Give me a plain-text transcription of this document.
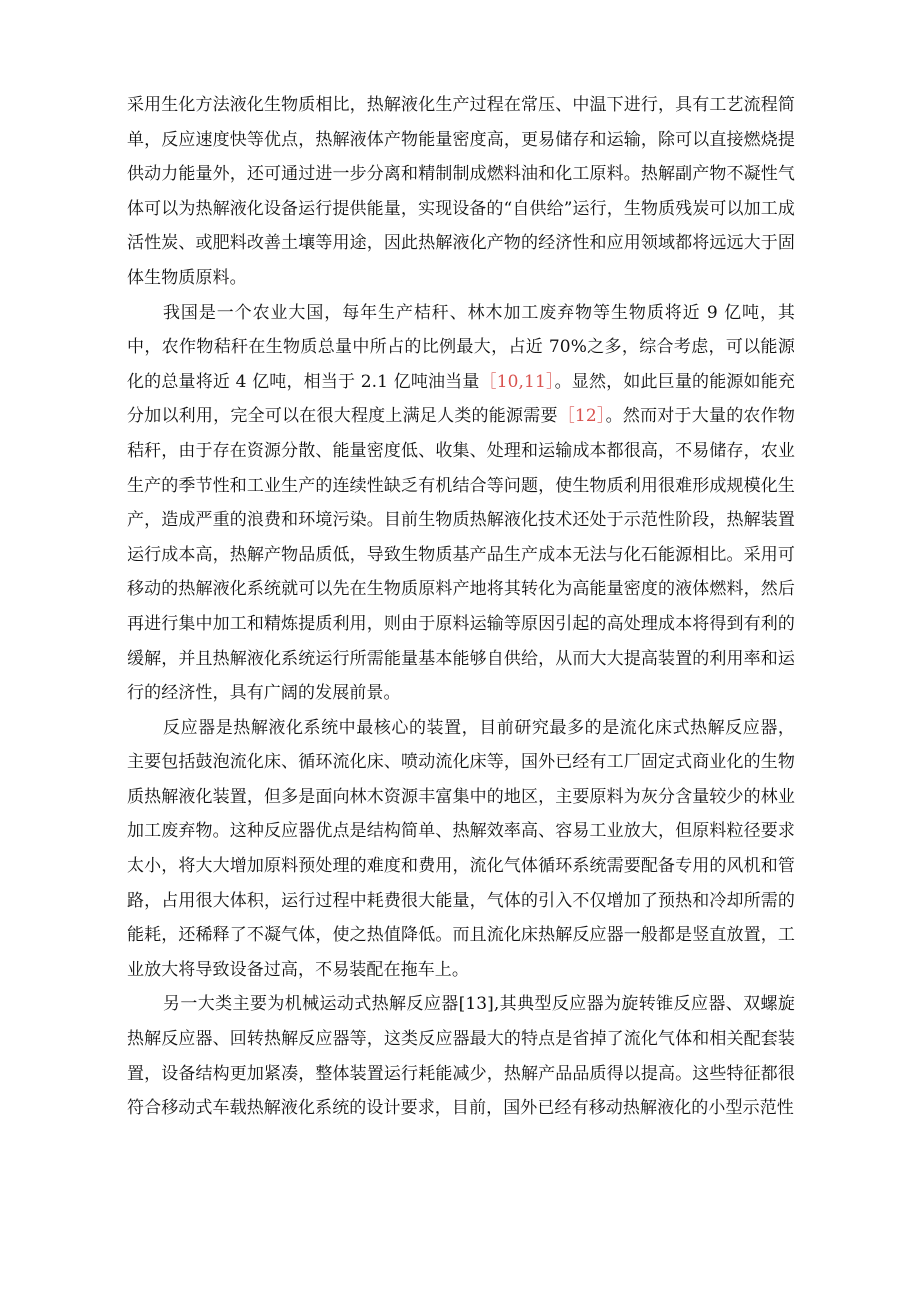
采用生化方法液化生物质相比，热解液化生产过程在常压、中温下进行，具有工艺流程简单，反应速度快等优点，热解液体产物能量密度高，更易储存和运输，除可以直接燃烧提供动力能量外，还可通过进一步分离和精制制成燃料油和化工原料。热解副产物不凝性气体可以为热解液化设备运行提供能量，实现设备的“自供给”运行，生物质残炭可以加工成活性炭、或肥料改善土壤等用途，因此热解液化产物的经济性和应用领域都将远远大于固体生物质原料。

我国是一个农业大国，每年生产桔秆、林木加工废弃物等生物质将近 9 亿吨，其中，农作物秸秆在生物质总量中所占的比例最大，占近 70%之多，综合考虑，可以能源化的总量将近 4 亿吨，相当于 2.1 亿吨油当量［10,11］。显然，如此巨量的能源如能充分加以利用，完全可以在很大程度上满足人类的能源需要［12］。然而对于大量的农作物秸秆，由于存在资源分散、能量密度低、收集、处理和运输成本都很高，不易储存，农业生产的季节性和工业生产的连续性缺乏有机结合等问题，使生物质利用很难形成规模化生产，造成严重的浪费和环境污染。目前生物质热解液化技术还处于示范性阶段，热解装置运行成本高，热解产物品质低，导致生物质基产品生产成本无法与化石能源相比。采用可移动的热解液化系统就可以先在生物质原料产地将其转化为高能量密度的液体燃料，然后再进行集中加工和精炼提质利用，则由于原料运输等原因引起的高处理成本将得到有利的缓解，并且热解液化系统运行所需能量基本能够自供给，从而大大提高装置的利用率和运行的经济性，具有广阔的发展前景。

反应器是热解液化系统中最核心的装置，目前研究最多的是流化床式热解反应器，主要包括鼓泡流化床、循环流化床、喷动流化床等，国外已经有工厂固定式商业化的生物质热解液化装置，但多是面向林木资源丰富集中的地区，主要原料为灰分含量较少的林业加工废弃物。这种反应器优点是结构简单、热解效率高、容易工业放大，但原料粒径要求太小，将大大增加原料预处理的难度和费用，流化气体循环系统需要配备专用的风机和管路，占用很大体积，运行过程中耗费很大能量，气体的引入不仅增加了预热和冷却所需的能耗，还稀释了不凝气体，使之热值降低。而且流化床热解反应器一般都是竖直放置，工业放大将导致设备过高，不易装配在拖车上。

另一大类主要为机械运动式热解反应器[13],其典型反应器为旋转锥反应器、双螺旋热解反应器、回转热解反应器等，这类反应器最大的特点是省掉了流化气体和相关配套装置，设备结构更加紧凑，整体装置运行耗能减少，热解产品品质得以提高。这些特征都很符合移动式车载热解液化系统的设计要求，目前，国外已经有移动热解液化的小型示范性
